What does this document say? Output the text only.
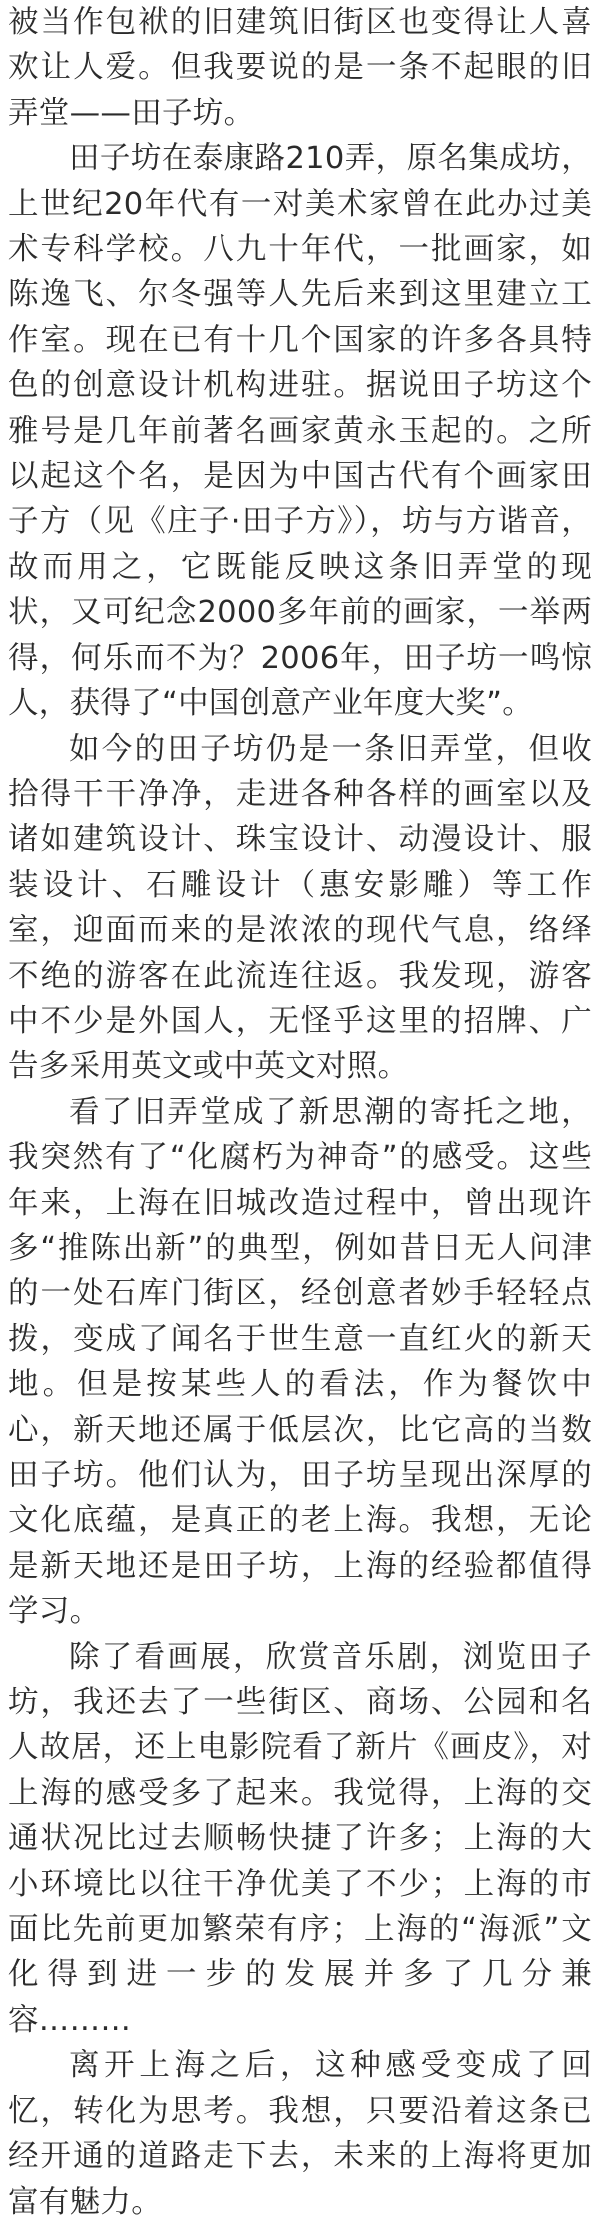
被当作包袱的旧建筑旧街区也变得让人喜欢让人爱。但我要说的是一条不起眼的旧弄堂——田子坊。

田子坊在泰康路210弄，原名集成坊，上世纪20年代有一对美术家曾在此办过美术专科学校。八九十年代，一批画家，如陈逸飞、尔冬强等人先后来到这里建立工作室。现在已有十几个国家的许多各具特色的创意设计机构进驻。据说田子坊这个雅号是几年前著名画家黄永玉起的。之所以起这个名，是因为中国古代有个画家田子方（见《庄子·田子方》），坊与方谐音，故而用之，它既能反映这条旧弄堂的现状，又可纪念2000多年前的画家，一举两得，何乐而不为？2006年，田子坊一鸣惊人，获得了“中国创意产业年度大奖”。

如今的田子坊仍是一条旧弄堂，但收拾得干干净净，走进各种各样的画室以及诸如建筑设计、珠宝设计、动漫设计、服装设计、石雕设计（惠安影雕）等工作室，迎面而来的是浓浓的现代气息，络绎不绝的游客在此流连往返。我发现，游客中不少是外国人，无怪乎这里的招牌、广告多采用英文或中英文对照。

看了旧弄堂成了新思潮的寄托之地，我突然有了“化腐朽为神奇”的感受。这些年来，上海在旧城改造过程中，曾出现许多“推陈出新”的典型，例如昔日无人问津的一处石库门街区，经创意者妙手轻轻点拨，变成了闻名于世生意一直红火的新天地。但是按某些人的看法，作为餐饮中心，新天地还属于低层次，比它高的当数田子坊。他们认为，田子坊呈现出深厚的文化底蕴，是真正的老上海。我想，无论是新天地还是田子坊，上海的经验都值得学习。

除了看画展，欣赏音乐剧，浏览田子坊，我还去了一些街区、商场、公园和名人故居，还上电影院看了新片《画皮》，对上海的感受多了起来。我觉得，上海的交通状况比过去顺畅快捷了许多；上海的大小环境比以往干净优美了不少；上海的市面比先前更加繁荣有序；上海的“海派”文化得到进一步的发展并多了几分兼容………

离开上海之后，这种感受变成了回忆，转化为思考。我想，只要沿着这条已经开通的道路走下去，未来的上海将更加富有魅力。
